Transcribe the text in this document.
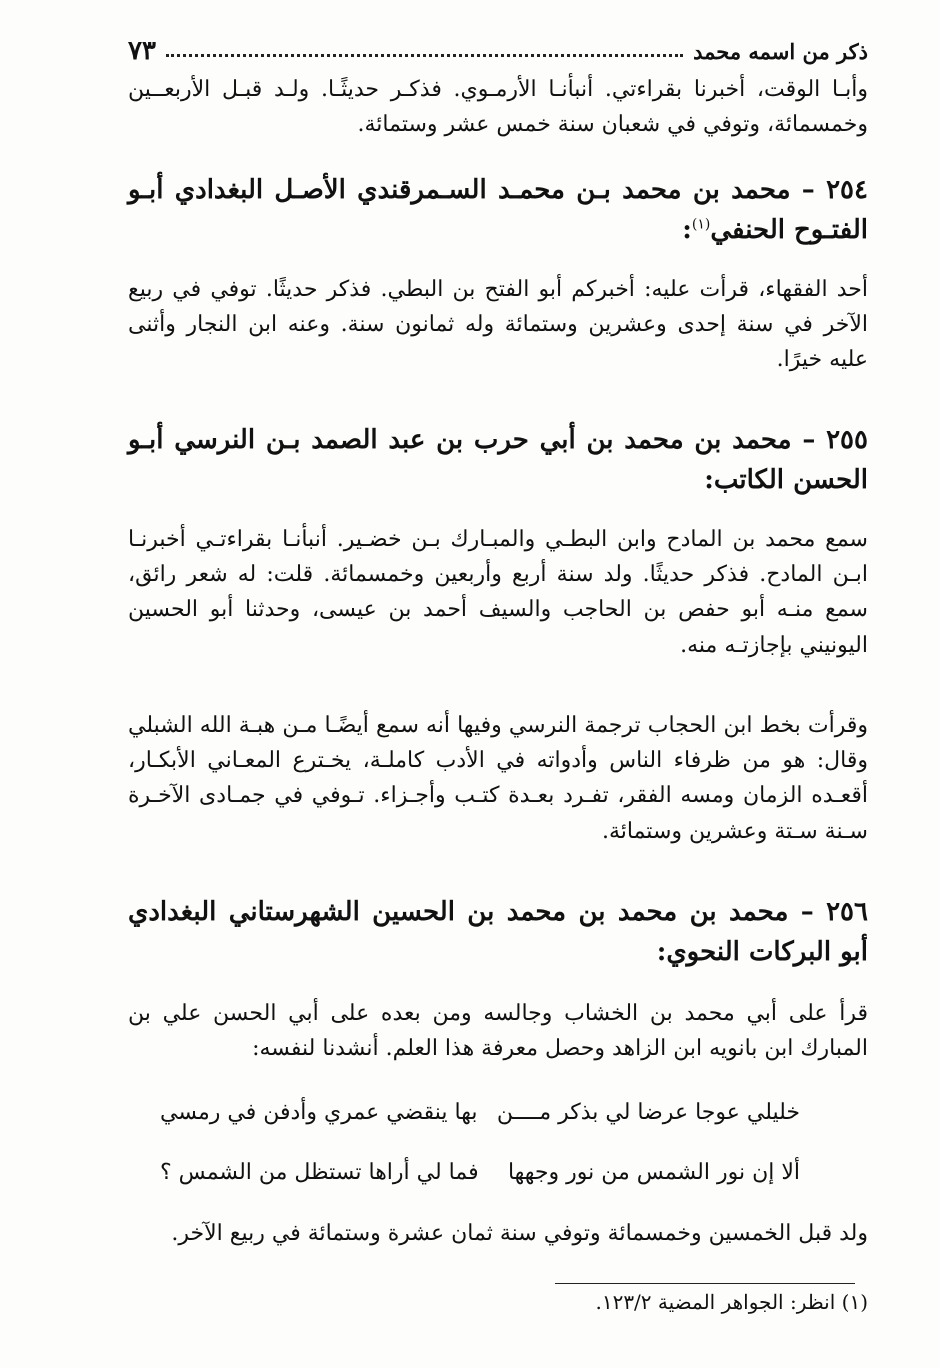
ذكر من اسمه محمد
٧٣
وأبـا الوقت، أخبرنا بقراءتي. أنبأنـا الأرمـوي. فذكـر حديثًـا. ولـد قبـل الأربعــين وخمسمائة، وتوفي في شعبان سنة خمس عشر وستمائة.
٢٥٤ – محمد بن محمد بـن محمـد السـمرقندي الأصـل البغدادي أبـو الفتـوح الحنفي$^{(١)}$:
أحد الفقهاء، قرأت عليه: أخبركم أبو الفتح بن البطي. فذكر حديثًا. توفي في ربيع الآخر في سنة إحدى وعشرين وستمائة وله ثمانون سنة. وعنه ابن النجار وأثنى عليه خيرًا.
٢٥٥ – محمد بن محمد بن أبي حرب بن عبد الصمد بـن النرسي أبـو الحسن الكاتب:
سمع محمد بن المادح وابن البطـي والمبـارك بـن خضـير. أنبأنـا بقراءتـي أخبرنـا ابـن المادح. فذكر حديثًا. ولد سنة أربع وأربعين وخمسمائة. قلت: له شعر رائق، سمع منـه أبو حفص بن الحاجب والسيف أحمد بن عيسى، وحدثنا أبو الحسين اليونيني بإجازتـه منه.
وقرأت بخط ابن الحجاب ترجمة النرسي وفيها أنه سمع أيضًـا مـن هبـة الله الشبلي وقال: هو من ظرفاء الناس وأدواته في الأدب كاملـة، يخـترع المعـاني الأبكـار، أقعـده الزمان ومسه الفقر، تفـرد بعـدة كتـب وأجـزاء. تـوفي في جمـادى الآخـرة سـنة سـتة وعشرين وستمائة.
٢٥٦ – محمد بن محمد بن محمد بن الحسين الشهرستاني البغدادي أبو البركات النحوي:
قرأ على أبي محمد بن الخشاب وجالسه ومن بعده على أبي الحسن علي بن المبارك ابن بانويه ابن الزاهد وحصل معرفة هذا العلم. أنشدنا لنفسه:
خليلي عوجا عرضا لي بذكر مــــن
بها ينقضي عمري وأدفن في رمسي
ألا إن نور الشمس من نور وجهها
فما لي أراها تستظل من الشمس ؟
ولد قبل الخمسين وخمسمائة وتوفي سنة ثمان عشرة وستمائة في ربيع الآخر.
(١) انظر: الجواهر المضية ١٢٣/٢.
